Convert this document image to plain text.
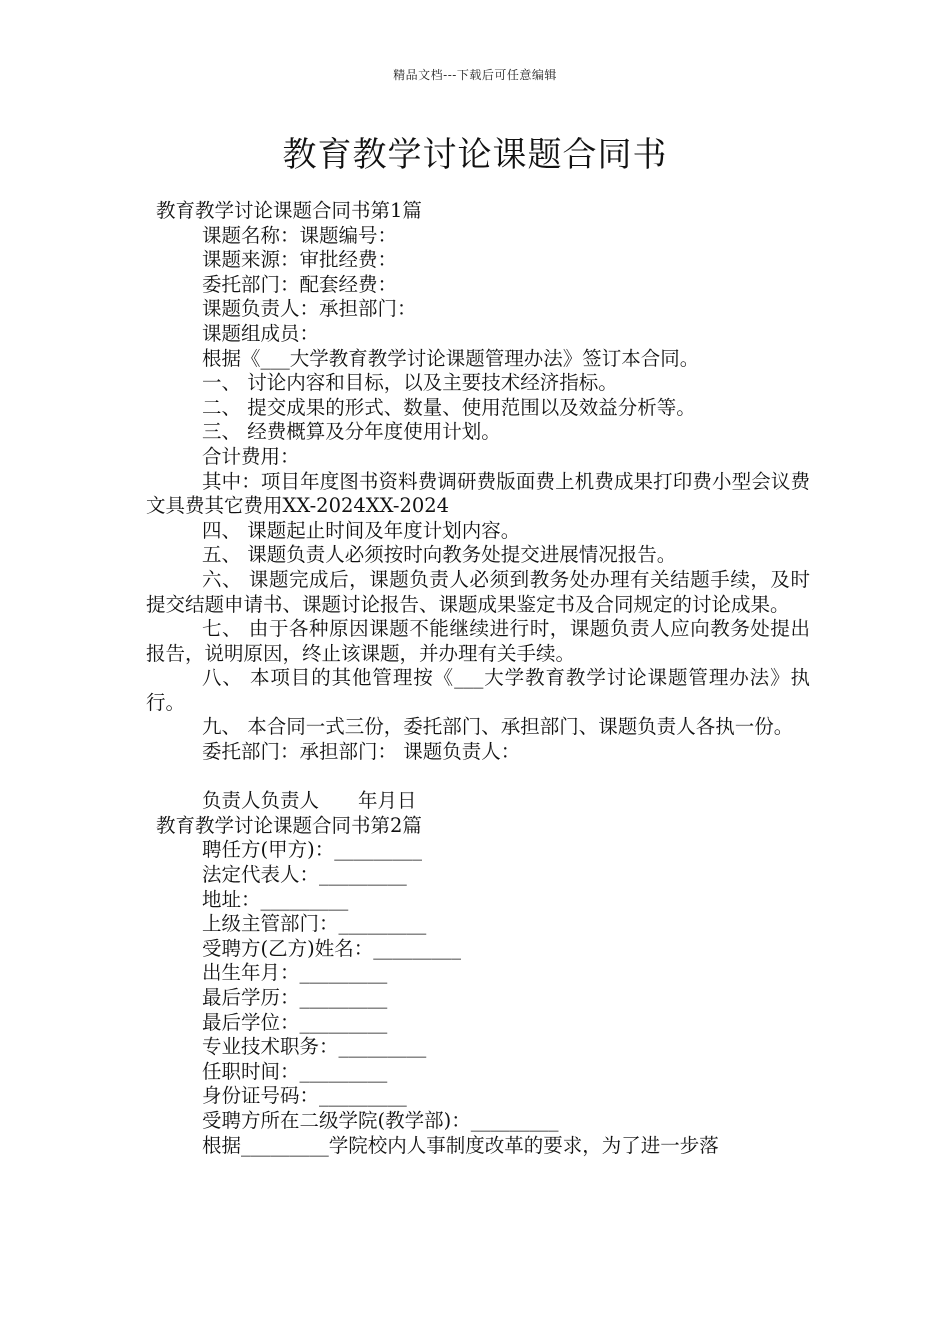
精品文档---下载后可任意编辑
教育教学讨论课题合同书
教育教学讨论课题合同书第1篇
课题名称：课题编号：
课题来源：审批经费：
委托部门：配套经费：
课题负责人：承担部门：
课题组成员：
根据《___大学教育教学讨论课题管理办法》签订本合同。
一、 讨论内容和目标，以及主要技术经济指标。
二、 提交成果的形式、数量、使用范围以及效益分析等。
三、 经费概算及分年度使用计划。
合计费用：
其中：项目年度图书资料费调研费版面费上机费成果打印费小型会议费文具费其它费用XX-2024XX-2024
四、 课题起止时间及年度计划内容。
五、 课题负责人必须按时向教务处提交进展情况报告。
六、 课题完成后，课题负责人必须到教务处办理有关结题手续，及时提交结题申请书、课题讨论报告、课题成果鉴定书及合同规定的讨论成果。
七、 由于各种原因课题不能继续进行时，课题负责人应向教务处提出报告，说明原因，终止该课题，并办理有关手续。
八、 本项目的其他管理按《___大学教育教学讨论课题管理办法》执行。
九、 本合同一式三份，委托部门、承担部门、课题负责人各执一份。
委托部门：承担部门： 课题负责人：
负责人负责人　　年月日
教育教学讨论课题合同书第2篇
聘任方(甲方)：_________
法定代表人：_________
地址：_________
上级主管部门：_________
受聘方(乙方)姓名：_________
出生年月：_________
最后学历：_________
最后学位：_________
专业技术职务：_________
任职时间：_________
身份证号码：_________
受聘方所在二级学院(教学部)：_________
根据_________学院校内人事制度改革的要求，为了进一步落
